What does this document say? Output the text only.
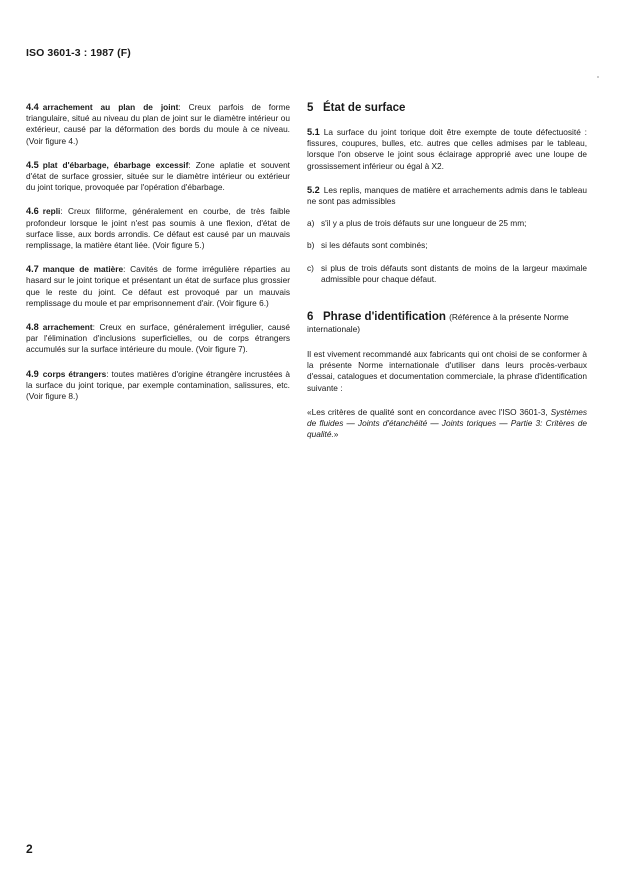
ISO 3601-3 : 1987 (F)

4.4 arrachement au plan de joint: Creux parfois de forme triangulaire, situé au niveau du plan de joint sur le diamètre intérieur ou extérieur, causé par la déformation des bords du moule à ce niveau. (Voir figure 4.)

4.5 plat d'ébarbage, ébarbage excessif: Zone aplatie et souvent d'état de surface grossier, située sur le diamètre intérieur ou extérieur du joint torique, provoquée par l'opération d'ébarbage.

4.6 repli: Creux filiforme, généralement en courbe, de très faible profondeur lorsque le joint n'est pas soumis à une flexion, d'état de surface lisse, aux bords arrondis. Ce défaut est causé par un mauvais remplissage, la matière étant liée. (Voir figure 5.)

4.7 manque de matière: Cavités de forme irrégulière réparties au hasard sur le joint torique et présentant un état de surface plus grossier que le reste du joint. Ce défaut est provoqué par un mauvais remplissage du moule et par emprisonnement d'air. (Voir figure 6.)

4.8 arrachement: Creux en surface, généralement irrégulier, causé par l'élimination d'inclusions superficielles, ou de corps étrangers accumulés sur la surface intérieure du moule. (Voir figure 7).

4.9 corps étrangers: toutes matières d'origine étrangère incrustées à la surface du joint torique, par exemple contamination, salissures, etc. (Voir figure 8.)

5 État de surface

5.1 La surface du joint torique doit être exempte de toute défectuosité : fissures, coupures, bulles, etc. autres que celles admises par le tableau, lorsque l'on observe le joint sous éclairage approprié avec une loupe de grossissement inférieur ou égal à X2.

5.2 Les replis, manques de matière et arrachements admis dans le tableau ne sont pas admissibles

a) s'il y a plus de trois défauts sur une longueur de 25 mm;
b) si les défauts sont combinés;
c) si plus de trois défauts sont distants de moins de la largeur maximale admissible pour chaque défaut.
6 Phrase d'identification (Référence à la présente Norme internationale)

Il est vivement recommandé aux fabricants qui ont choisi de se conformer à la présente Norme internationale d'utiliser dans leurs procès-verbaux d'essai, catalogues et documentation commerciale, la phrase d'identification suivante :

«Les critères de qualité sont en concordance avec l'ISO 3601-3, Systèmes de fluides — Joints d'étanchéité — Joints toriques — Partie 3: Critères de qualité.»

2
